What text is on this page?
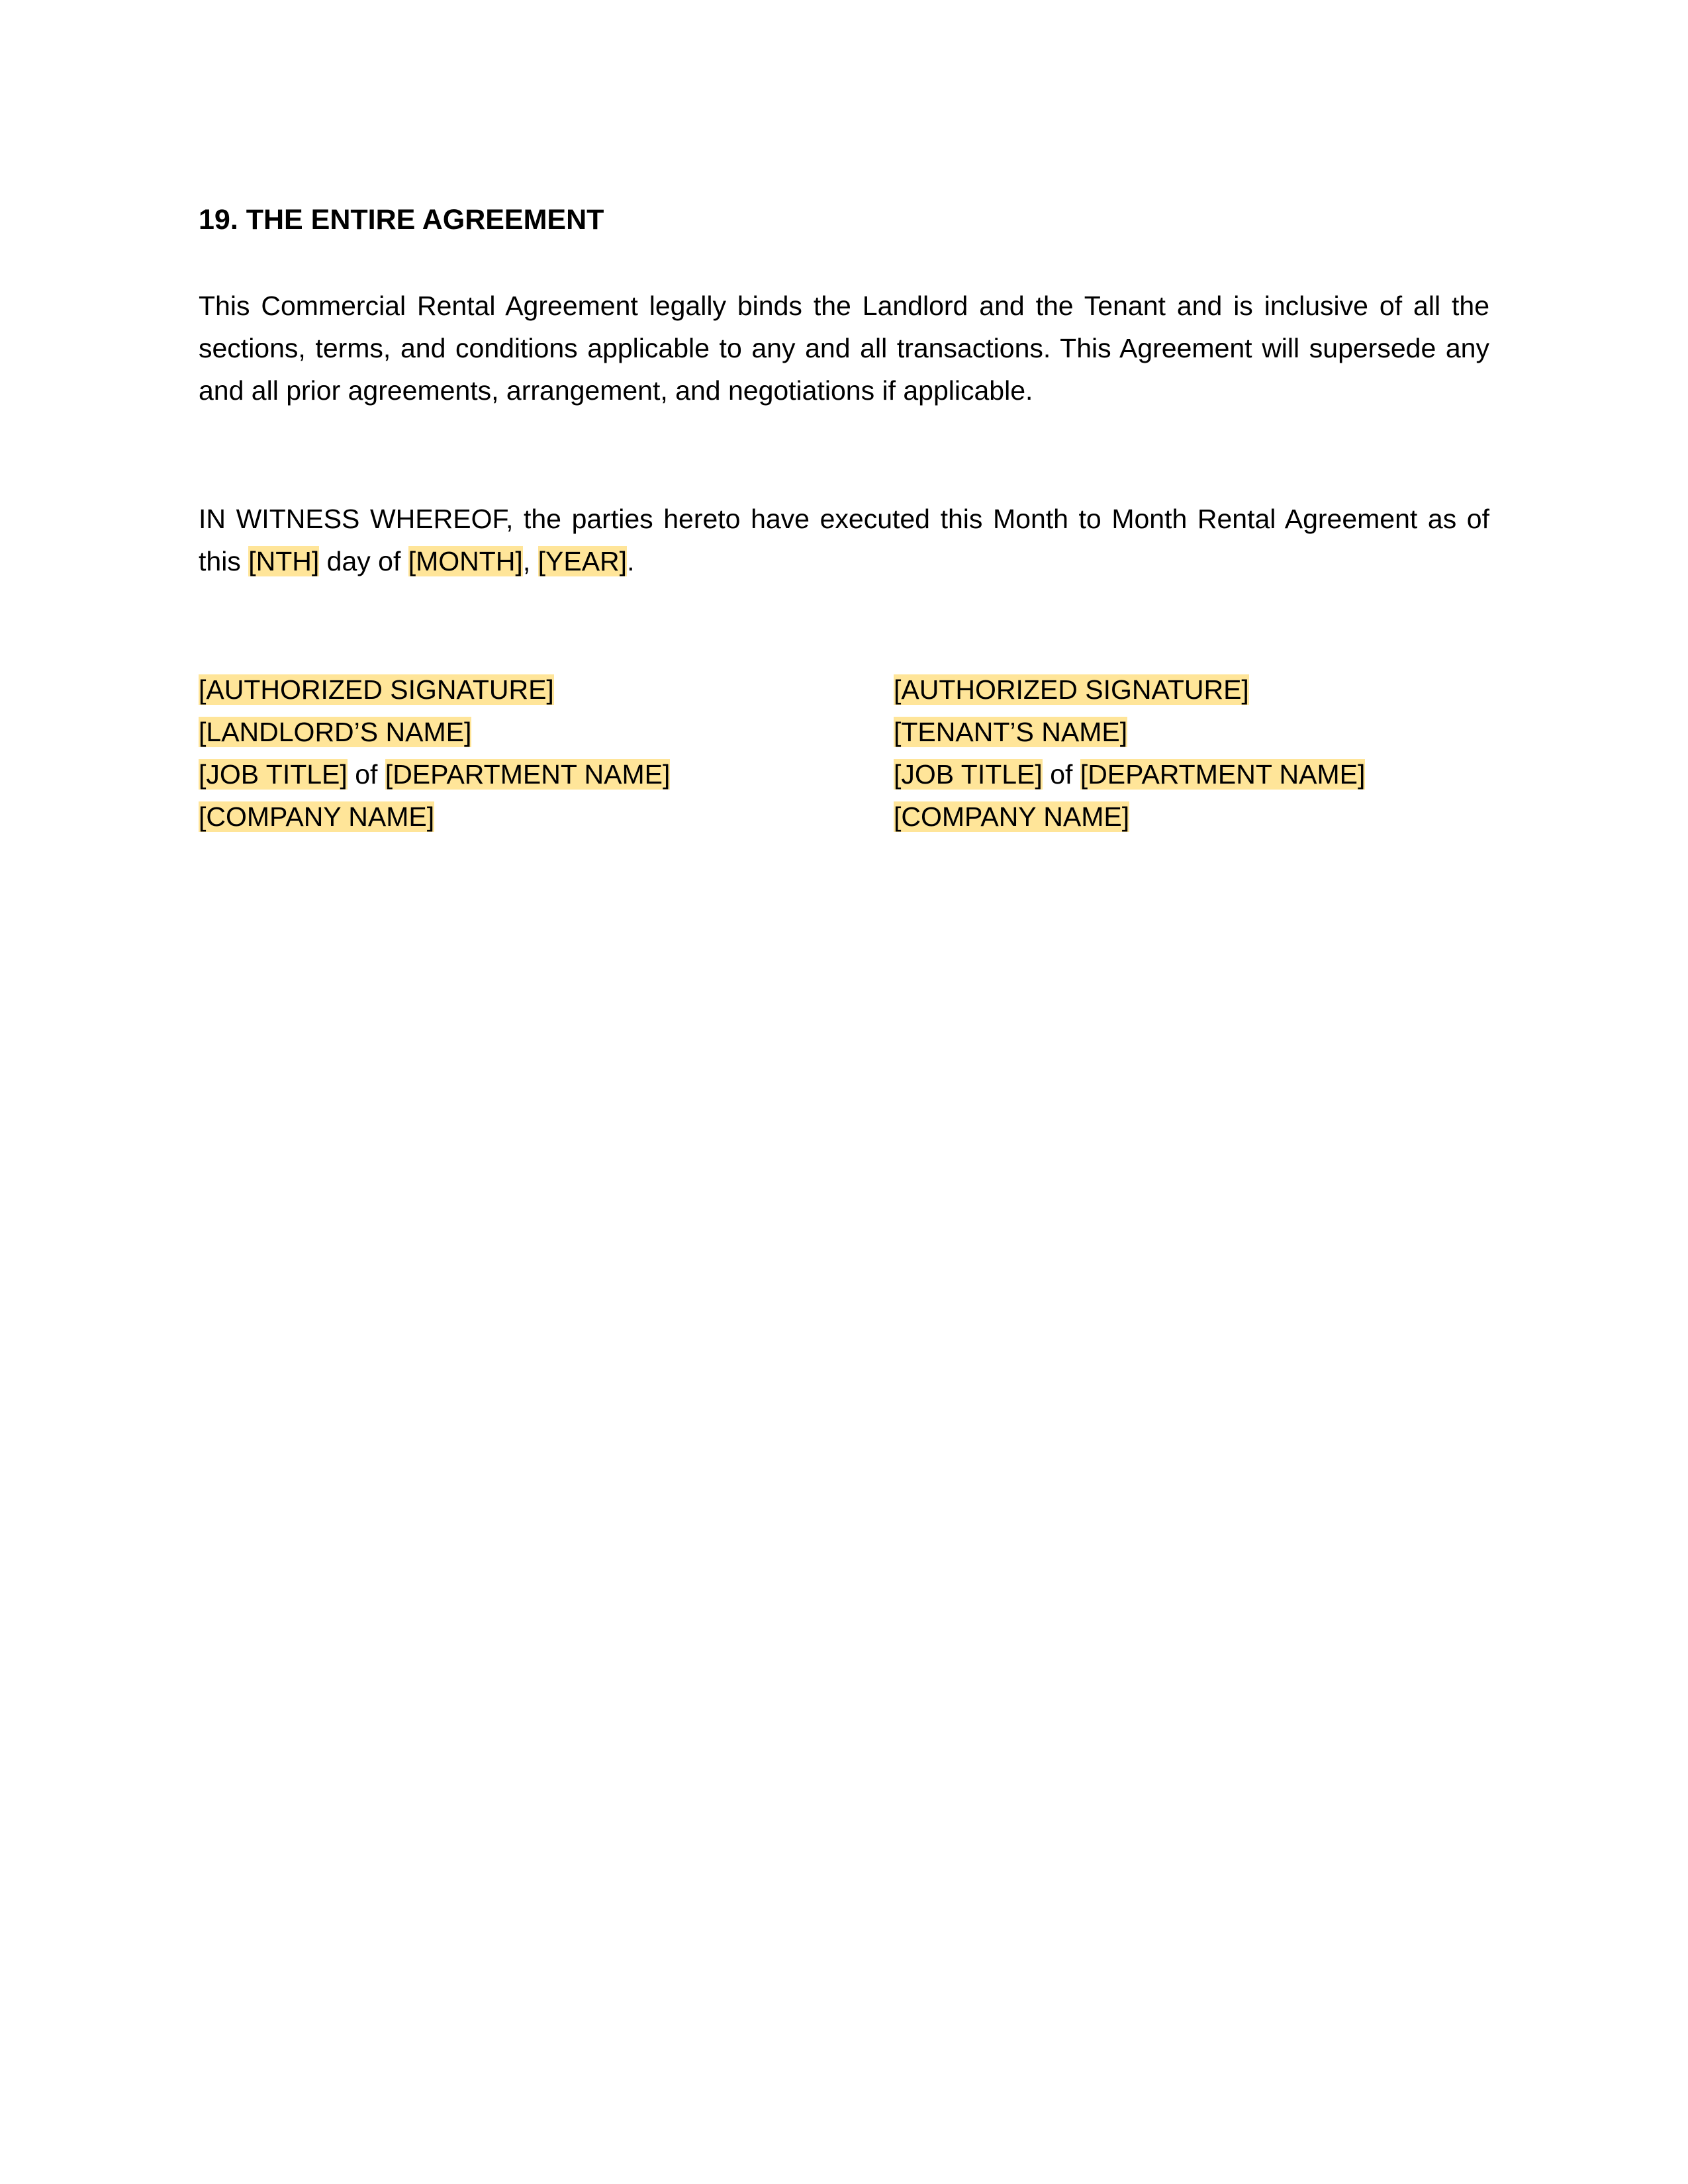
19. THE ENTIRE AGREEMENT

This Commercial Rental Agreement legally binds the Landlord and the Tenant and is inclusive of all the sections, terms, and conditions applicable to any and all transactions. This Agreement will supersede any and all prior agreements, arrangement, and negotiations if applicable.

IN WITNESS WHEREOF, the parties hereto have executed this Month to Month Rental Agreement as of this [NTH] day of [MONTH], [YEAR].

[AUTHORIZED SIGNATURE]
[LANDLORD’S NAME]
[JOB TITLE] of [DEPARTMENT NAME]
[COMPANY NAME]
[AUTHORIZED SIGNATURE]
[TENANT’S NAME]
[JOB TITLE] of [DEPARTMENT NAME]
[COMPANY NAME]
